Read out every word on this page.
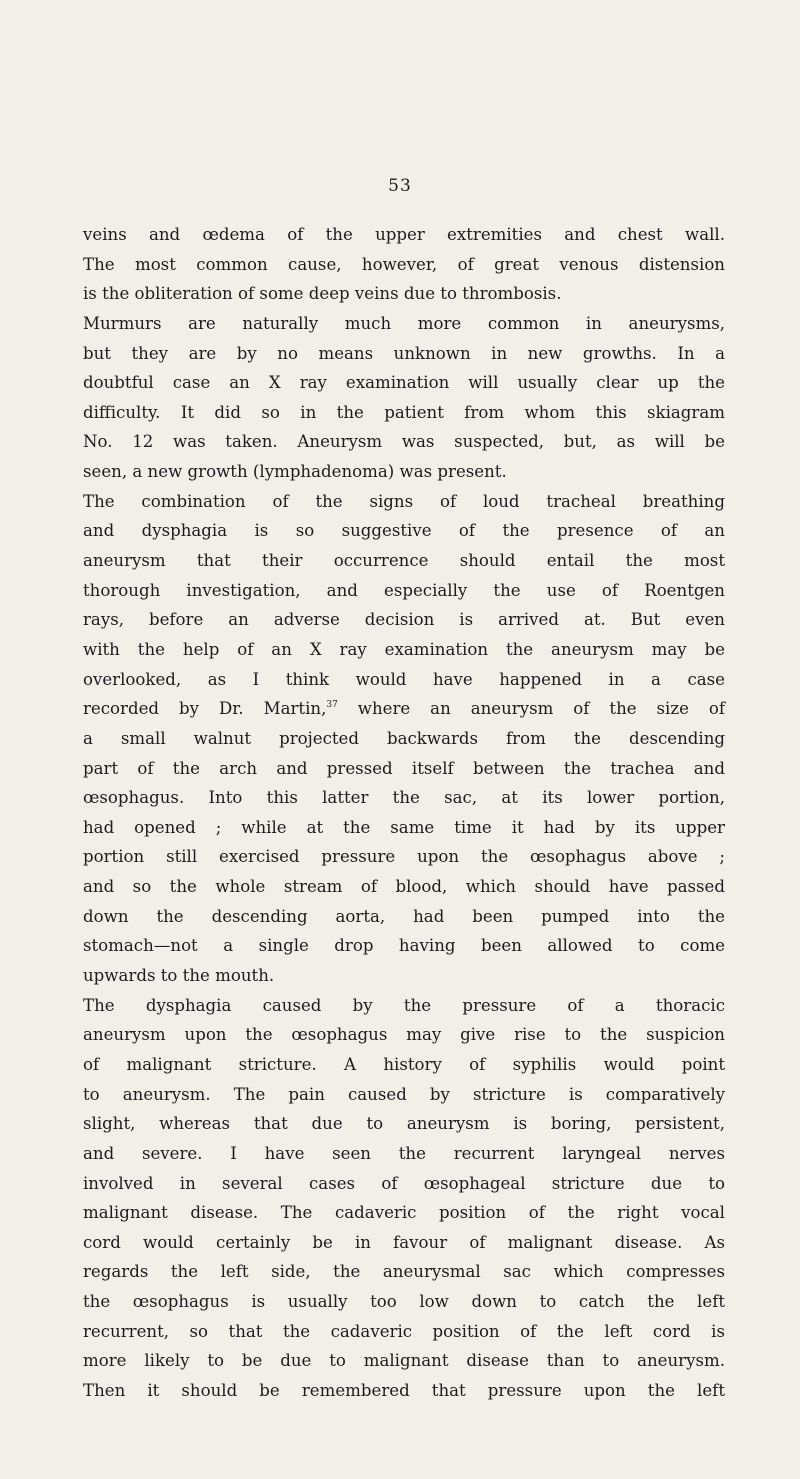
53
veins and œdema of the upper extremities and chest wall.
The most common cause, however, of great venous distension
is the obliteration of some deep veins due to thrombosis.
Murmurs are naturally much more common in aneurysms,
but they are by no means unknown in new growths. In a
doubtful case an X ray examination will usually clear up the
difficulty. It did so in the patient from whom this skiagram
No. 12 was taken. Aneurysm was suspected, but, as will be
seen, a new growth (lymphadenoma) was present.
The combination of the signs of loud tracheal breathing
and dysphagia is so suggestive of the presence of an
aneurysm that their occurrence should entail the most
thorough investigation, and especially the use of Roentgen
rays, before an adverse decision is arrived at. But even
with the help of an X ray examination the aneurysm may be
overlooked, as I think would have happened in a case
recorded by Dr. Martin,$^{37}$ where an aneurysm of the size of
a small walnut projected backwards from the descending
part of the arch and pressed itself between the trachea and
œsophagus. Into this latter the sac, at its lower portion,
had opened ; while at the same time it had by its upper
portion still exercised pressure upon the œsophagus above ;
and so the whole stream of blood, which should have passed
down the descending aorta, had been pumped into the
stomach—not a single drop having been allowed to come
upwards to the mouth.
The dysphagia caused by the pressure of a thoracic
aneurysm upon the œsophagus may give rise to the suspicion
of malignant stricture. A history of syphilis would point
to aneurysm. The pain caused by stricture is comparatively
slight, whereas that due to aneurysm is boring, persistent,
and severe. I have seen the recurrent laryngeal nerves
involved in several cases of œsophageal stricture due to
malignant disease. The cadaveric position of the right vocal
cord would certainly be in favour of malignant disease. As
regards the left side, the aneurysmal sac which compresses
the œsophagus is usually too low down to catch the left
recurrent, so that the cadaveric position of the left cord is
more likely to be due to malignant disease than to aneurysm.
Then it should be remembered that pressure upon the left
